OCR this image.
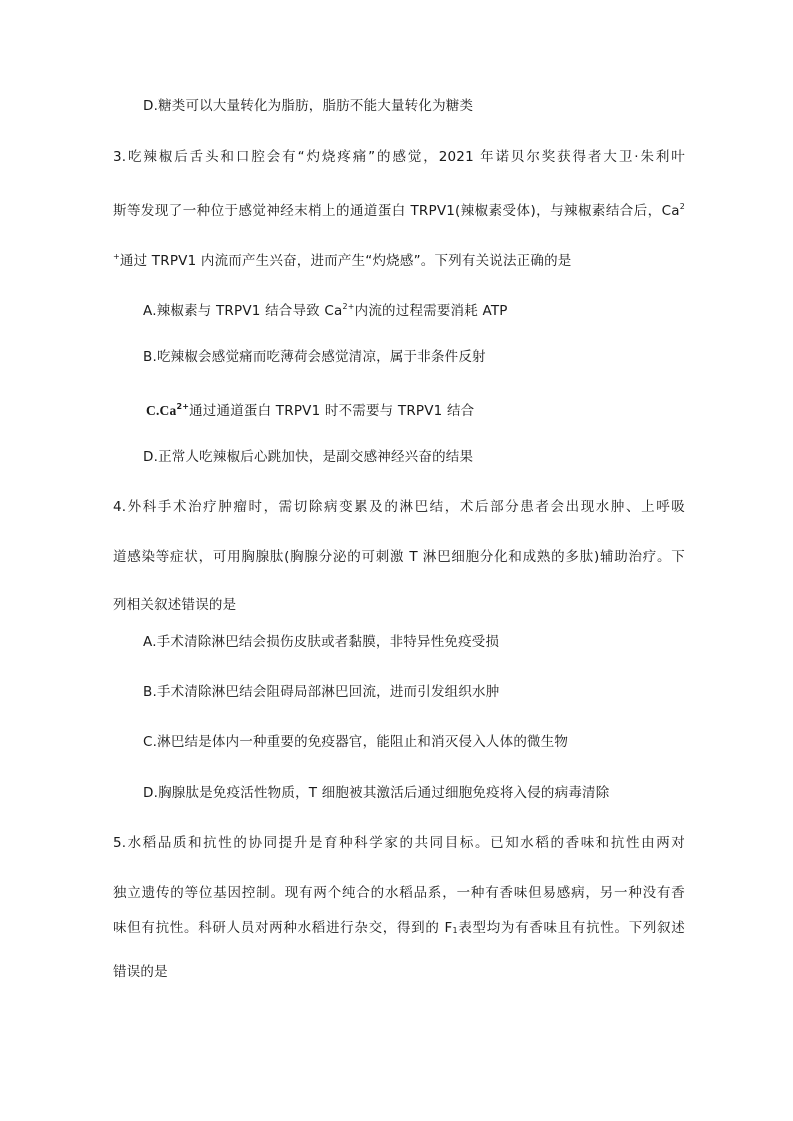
D.糖类可以大量转化为脂肪，脂肪不能大量转化为糖类
3.吃辣椒后舌头和口腔会有“灼烧疼痛”的感觉，2021 年诺贝尔奖获得者大卫·朱利叶
斯等发现了一种位于感觉神经末梢上的通道蛋白 TRPV1(辣椒素受体)，与辣椒素结合后，Ca$^2$
+通过 TRPV1 内流而产生兴奋，进而产生“灼烧感”。下列有关说法正确的是
A.辣椒素与 TRPV1 结合导致 $Ca^{2+}$内流的过程需要消耗 ATP
B.吃辣椒会感觉痛而吃薄荷会感觉清凉，属于非条件反射
$C.Ca^{2+}$通过通道蛋白 TRPV1 时不需要与 TRPV1 结合
D.正常人吃辣椒后心跳加快，是副交感神经兴奋的结果
4.外科手术治疗肿瘤时，需切除病变累及的淋巴结，术后部分患者会出现水肿、上呼吸
道感染等症状，可用胸腺肽(胸腺分泌的可刺激 T 淋巴细胞分化和成熟的多肽)辅助治疗。下
列相关叙述错误的是
A.手术清除淋巴结会损伤皮肤或者黏膜，非特异性免疫受损
B.手术清除淋巴结会阻碍局部淋巴回流，进而引发组织水肿
C.淋巴结是体内一种重要的免疫器官，能阻止和消灭侵入人体的微生物
D.胸腺肽是免疫活性物质，T 细胞被其激活后通过细胞免疫将入侵的病毒清除
5.水稻品质和抗性的协同提升是育种科学家的共同目标。已知水稻的香味和抗性由两对
独立遗传的等位基因控制。现有两个纯合的水稻品系，一种有香味但易感病，另一种没有香
味但有抗性。科研人员对两种水稻进行杂交，得到的 F1表型均为有香味且有抗性。下列叙述
错误的是
